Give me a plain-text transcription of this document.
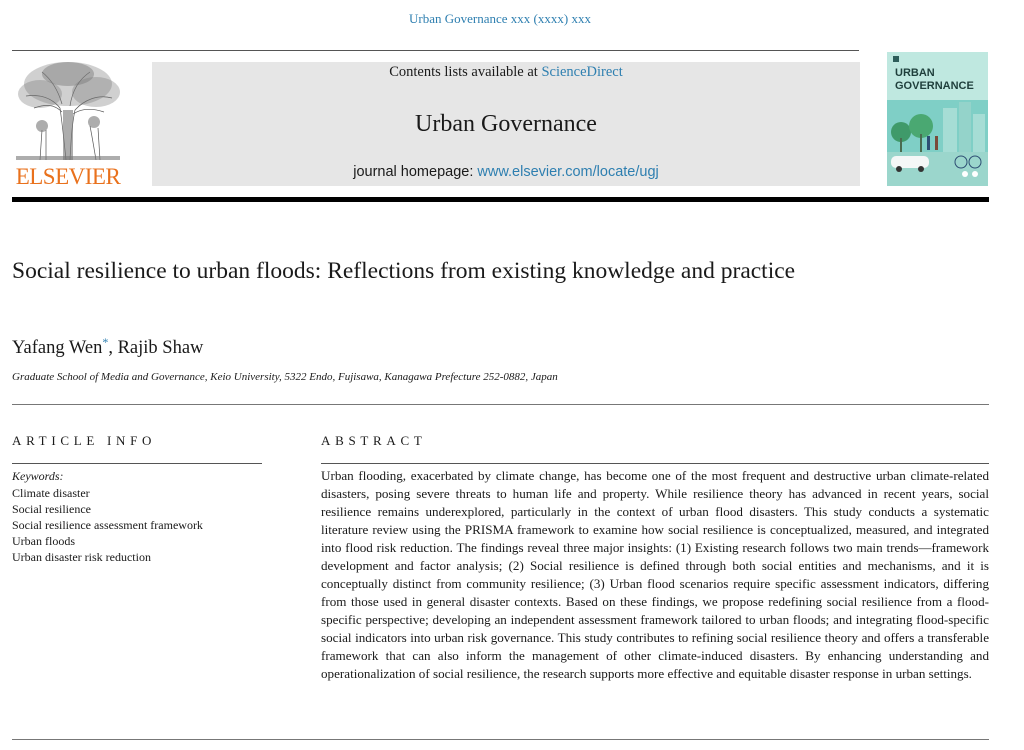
Urban Governance xxx (xxxx) xxx
ELSEVIER
Contents lists available at ScienceDirect
Urban Governance
journal homepage: www.elsevier.com/locate/ugj
URBAN
GOVERNANCE
Social resilience to urban floods: Reflections from existing knowledge and practice
Yafang Wen*, Rajib Shaw
Graduate School of Media and Governance, Keio University, 5322 Endo, Fujisawa, Kanagawa Prefecture 252-0882, Japan
ARTICLE INFO
Keywords:
Climate disaster
Social resilience
Social resilience assessment framework
Urban floods
Urban disaster risk reduction
ABSTRACT

Urban flooding, exacerbated by climate change, has become one of the most frequent and destructive urban climate-related disasters, posing severe threats to human life and property. While resilience theory has advanced in recent years, social resilience remains underexplored, particularly in the context of urban flood disasters. This study conducts a systematic literature review using the PRISMA framework to examine how social resilience is conceptualized, measured, and integrated into flood risk reduction. The findings reveal three major insights: (1) Existing research follows two main trends—framework development and factor analysis; (2) Social resilience is defined through both social entities and mechanisms, and it is conceptually distinct from community resilience; (3) Urban flood scenarios require specific assessment indicators, differing from those used in general disaster contexts. Based on these findings, we propose redefining social resilience from a flood-specific perspective; developing an independent assessment framework tailored to urban floods; and integrating flood-specific social indicators into urban risk governance. This study contributes to refining social resilience theory and offers a transferable framework that can also inform the management of other climate-induced disasters. By enhancing understanding and operationalization of social resilience, the research supports more effective and equitable disaster response in urban settings.
